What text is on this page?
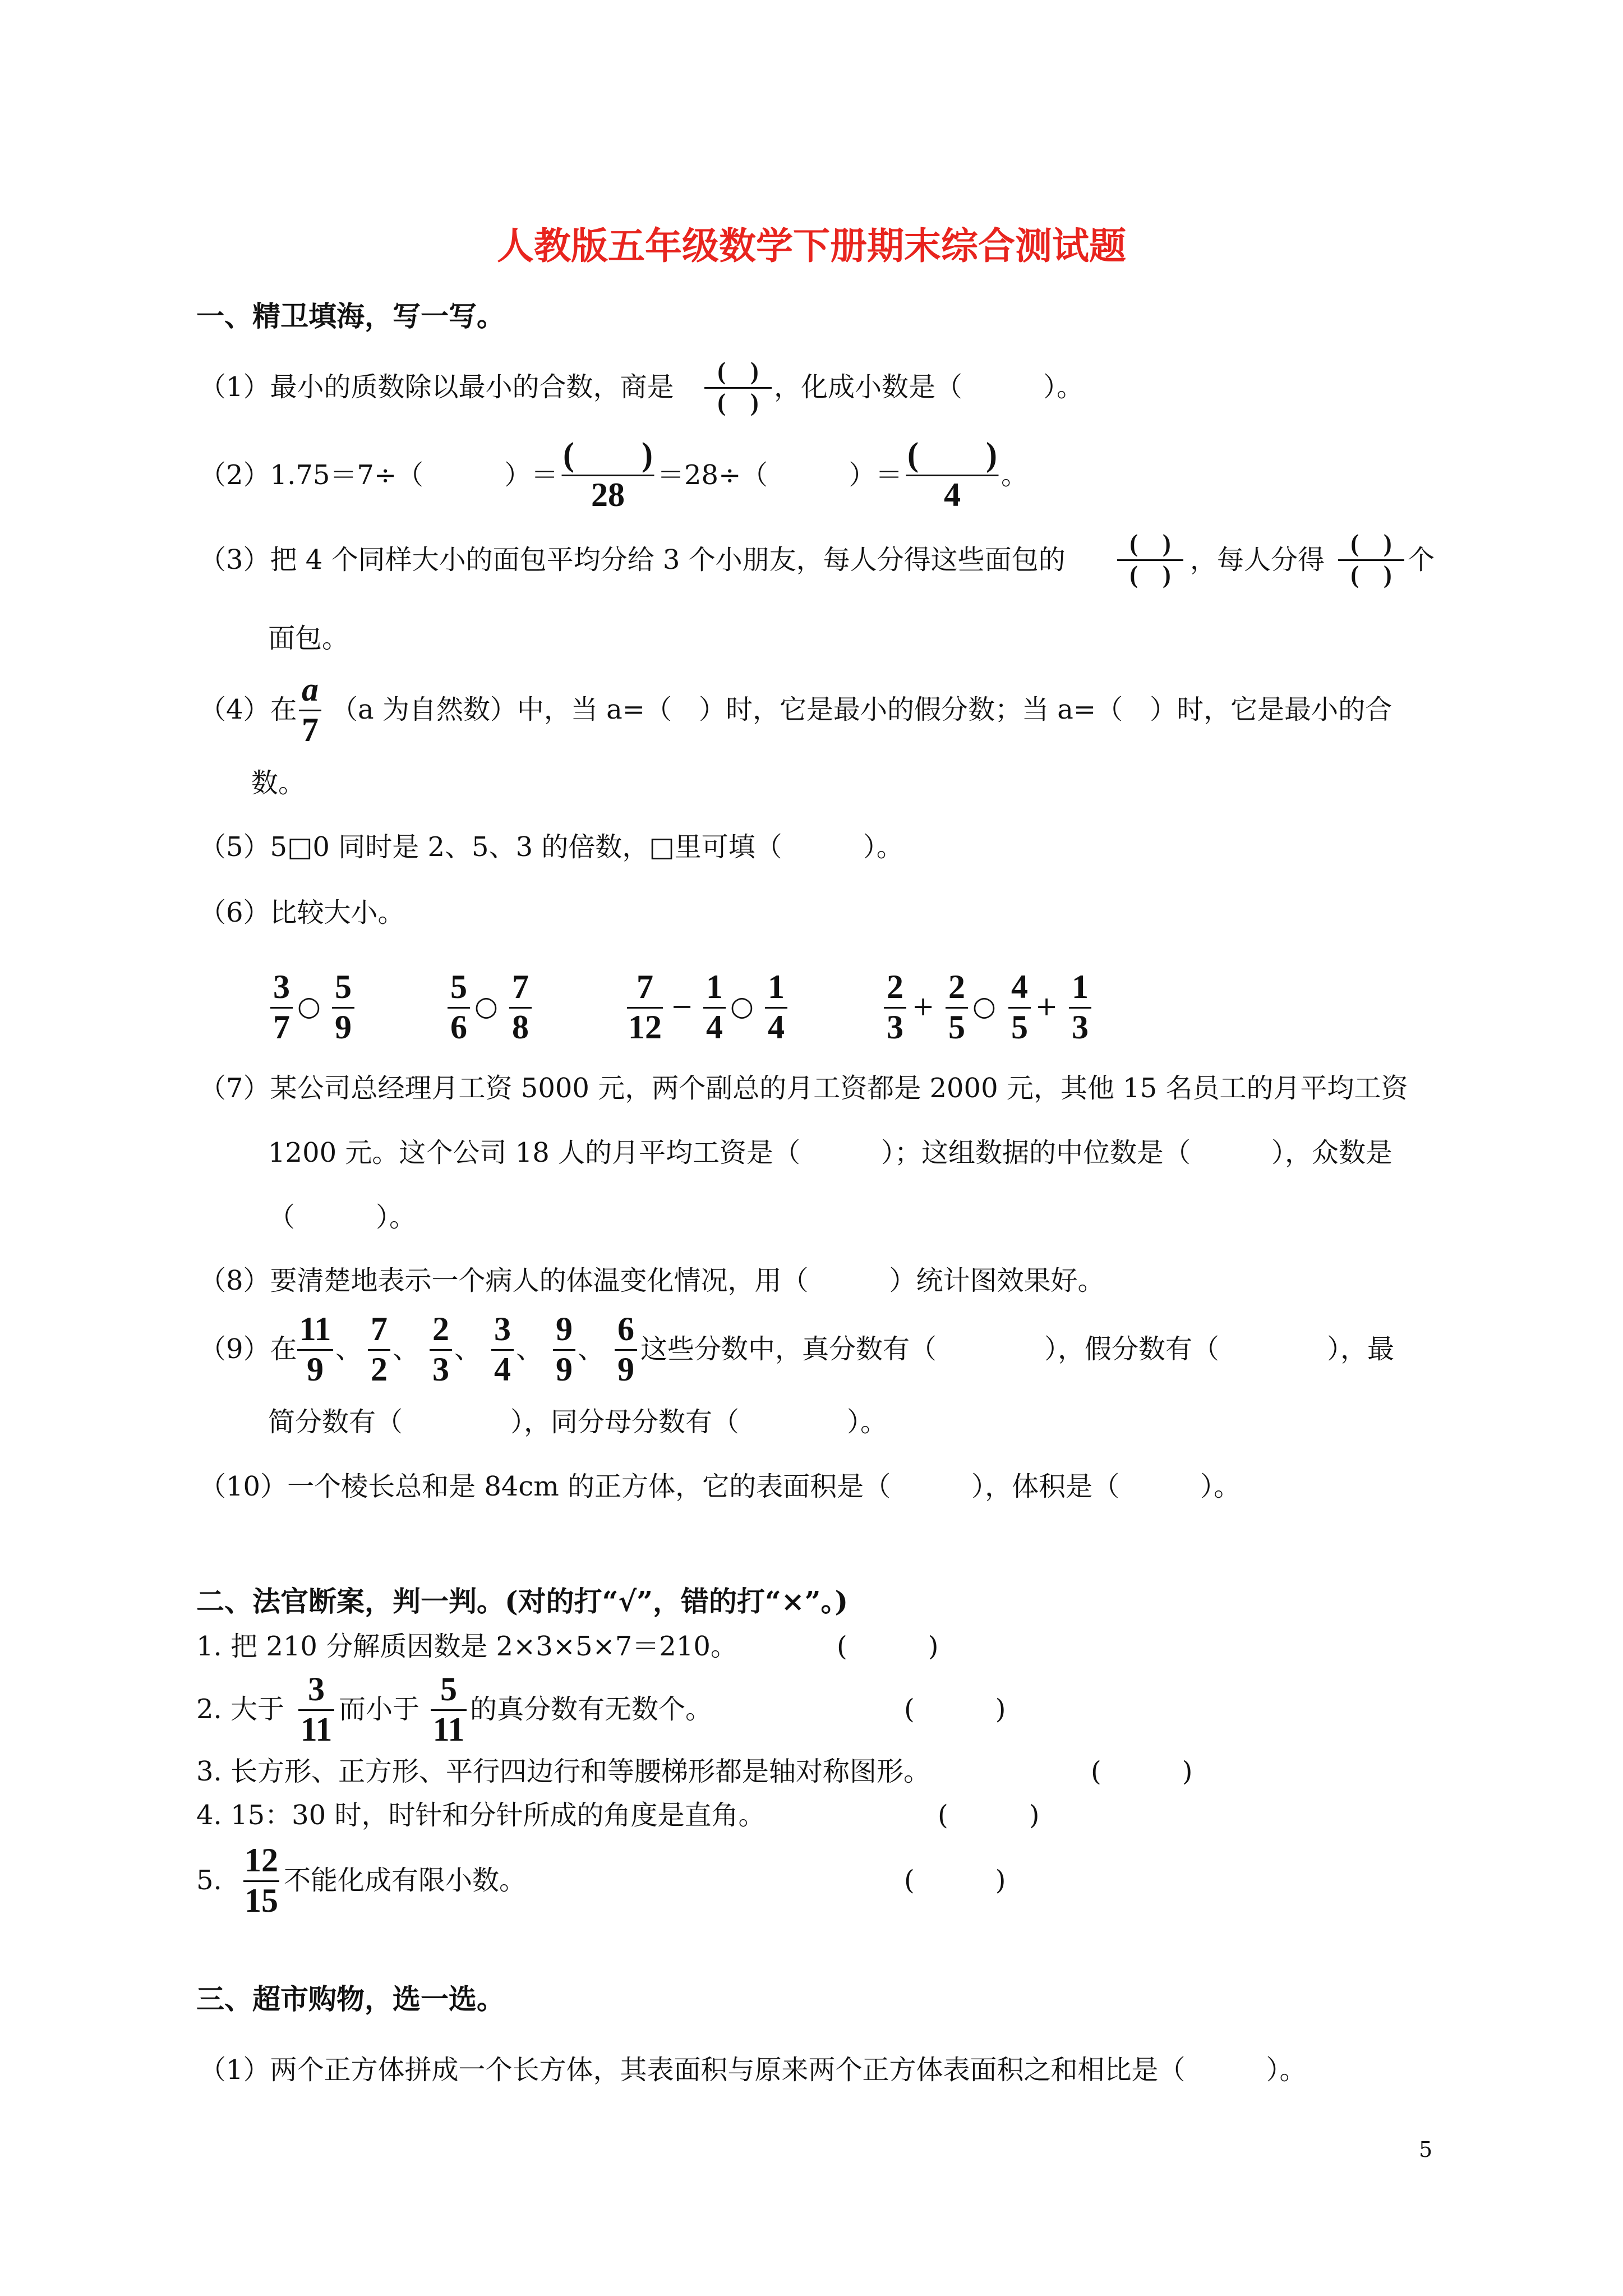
人教版五年级数学下册期末综合测试题
一、精卫填海，写一写。
（1）最小的质数除以最小的合数，商是
( )
( ) ，化成小数是（   ）。
（2）1.75＝7÷（   ）＝
(  )
28
＝28÷（   ）＝
(  )
4
。
（3）把 4 个同样大小的面包平均分给 3 个小朋友，每人分得这些面包的
( )
( ) ，每人分得
( )
( ) 个
面包。
（4）在
a
7
（a 为自然数）中，当 a=（ ）时，它是最小的假分数；当 a=（ ）时，它是最小的合
数。
（5）5□0 同时是 2、5、3 的倍数，□里可填（   ）。
（6）比较大小。
3
7
○
5
9
5
6
○
7
8
7
12
−
1
4
○
1
4
2
3
+
2
5
○
4
5
+
1
3
（7）某公司总经理月工资 5000 元，两个副总的月工资都是 2000 元，其他 15 名员工的月平均工资
1200 元。这个公司 18 人的月平均工资是（   ）；这组数据的中位数是（   ），众数是
（   ）。
（8）要清楚地表示一个病人的体温变化情况，用（   ）统计图效果好。
（9）在
11
9
、
7
2
、
2
3
、
3
4
、
9
9
、
6
9
这些分数中，真分数有（    ），假分数有（    ），最
简分数有（    ），同分母分数有（    ）。
（10）一个棱长总和是 84cm 的正方体，它的表面积是（   ），体积是（   ）。
二、法官断案，判一判。(对的打“√”，错的打“×”。)
1. 把 210 分解质因数是 2×3×5×7＝210。	(   )
2. 大于
3
11
而小于
5
11
的真分数有无数个。	(   )
3. 长方形、正方形、平行四边行和等腰梯形都是轴对称图形。	(   )
4. 15：30 时，时针和分针所成的角度是直角。	(   )
5.
12
15
不能化成有限小数。	(   )
三、超市购物，选一选。
（1）两个正方体拼成一个长方体，其表面积与原来两个正方体表面积之和相比是（   ）。
5
